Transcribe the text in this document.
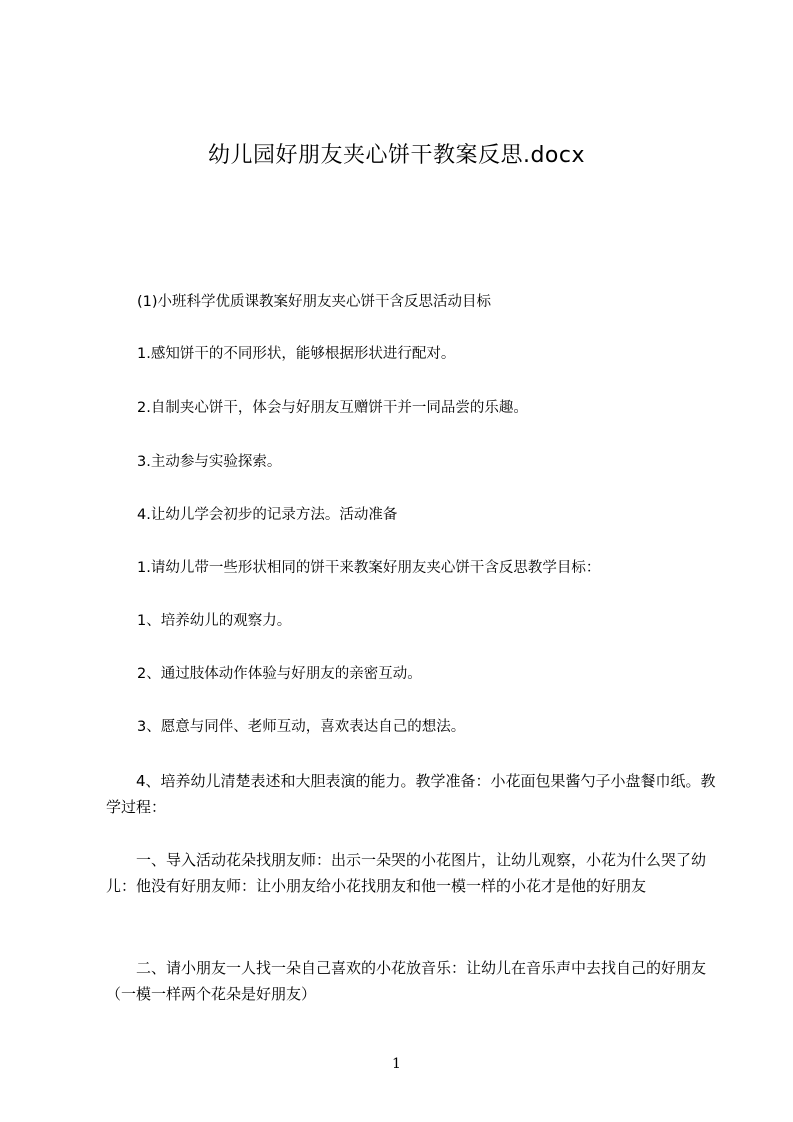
幼儿园好朋友夹心饼干教案反思.docx
(1)小班科学优质课教案好朋友夹心饼干含反思活动目标
1.感知饼干的不同形状，能够根据形状进行配对。
2.自制夹心饼干，体会与好朋友互赠饼干并一同品尝的乐趣。
3.主动参与实验探索。
4.让幼儿学会初步的记录方法。活动准备
1.请幼儿带一些形状相同的饼干来教案好朋友夹心饼干含反思教学目标：
1、培养幼儿的观察力。
2、通过肢体动作体验与好朋友的亲密互动。
3、愿意与同伴、老师互动，喜欢表达自己的想法。
4、培养幼儿清楚表述和大胆表演的能力。教学准备：小花面包果酱勺子小盘餐巾纸。教学过程：
一、导入活动花朵找朋友师：出示一朵哭的小花图片，让幼儿观察，小花为什么哭了幼儿：他没有好朋友师：让小朋友给小花找朋友和他一模一样的小花才是他的好朋友
二、请小朋友一人找一朵自己喜欢的小花放音乐：让幼儿在音乐声中去找自己的好朋友（一模一样两个花朵是好朋友）
1
